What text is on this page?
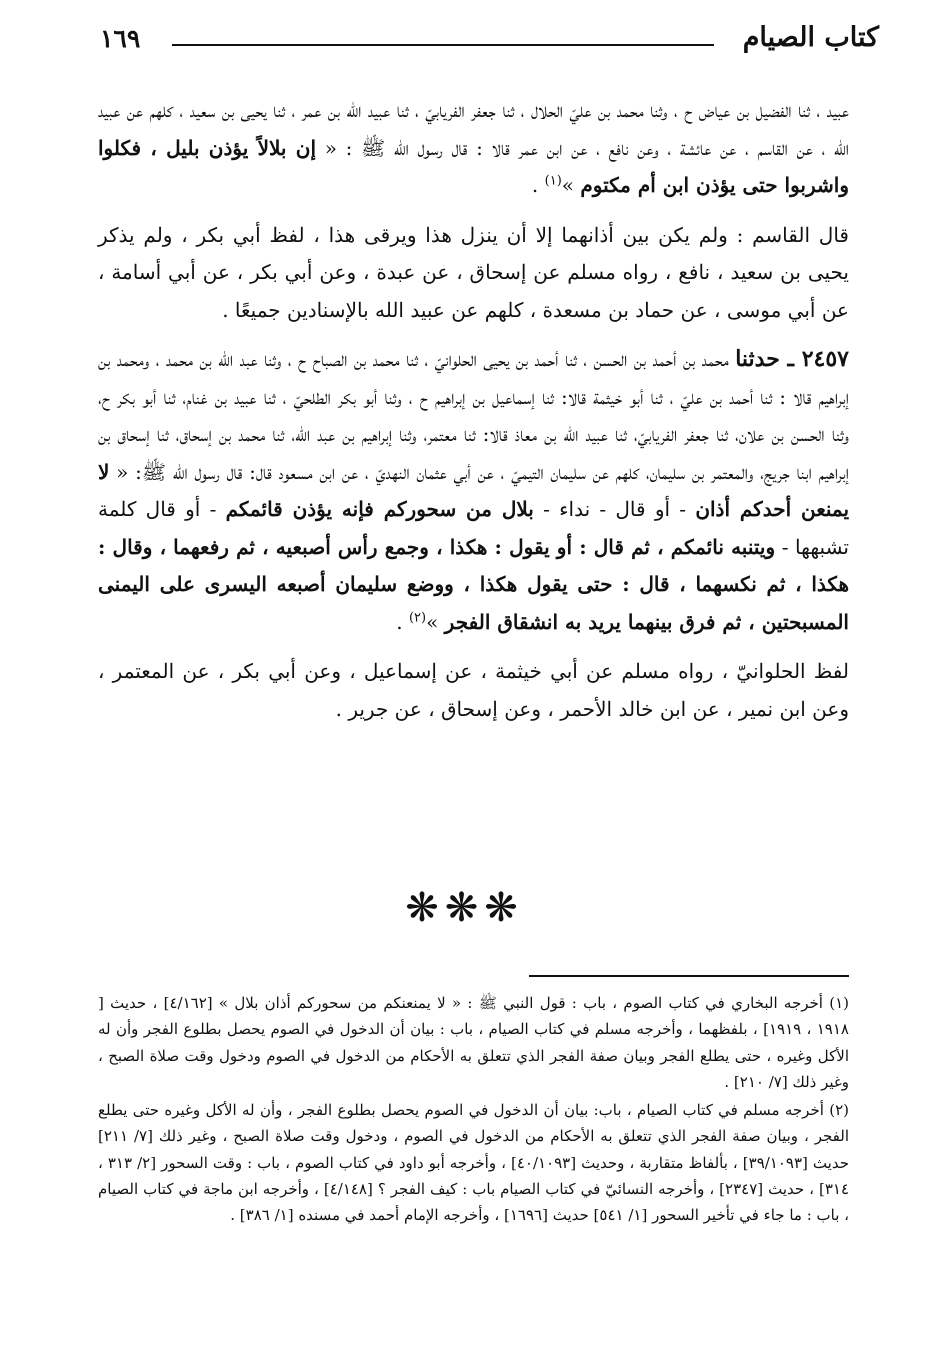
كتاب الصيام
١٦٩

عبيد ، ثنا الفضيل بن عياض ح ، وثنا محمد بن عليّ الحلال ، ثنا جعفر الفريابيّ ، ثنا عبيد الله بن عمر ، ثنا يحيى بن سعيد ، كلهم عن عبيد الله ، عن القاسم ، عن عائشة ، وعن نافع ، عن ابن عمر قالا : قال رسول الله ﷺ : « إن بلالاً يؤذن بليل ، فكلوا واشربوا حتى يؤذن ابن أم مكتوم »$^{(١)}$ .

قال القاسم : ولم يكن بين أذانهما إلا أن ينزل هذا ويرقى هذا ، لفظ أبي بكر ، ولم يذكر يحيى بن سعيد ، نافع ، رواه مسلم عن إسحاق ، عن عبدة ، وعن أبي بكر ، عن أبي أسامة ، عن أبي موسى ، عن حماد بن مسعدة ، كلهم عن عبيد الله بالإسنادين جميعًا .

٢٤٥٧ ـ حدثنا محمد بن أحمد بن الحسن ، ثنا أحمد بن يحيى الحلوانيّ ، ثنا محمد بن الصباح ح ، وثنا عبد الله بن محمد ، ومحمد بن إبراهيم قالا : ثنا أحمد بن عليّ ، ثنا أبو خيثمة قالا: ثنا إسماعيل بن إبراهيم ح ، وثنا أبو بكر الطلحيّ ، ثنا عبيد بن غنام، ثنا أبو بكر ح، وثنا الحسن بن علان، ثنا جعفر الفريابيّ، ثنا عبيد الله بن معاذ قالا: ثنا معتمر، وثنا إبراهيم بن عبد الله، ثنا محمد بن إسحاق، ثنا إسحاق بن إبراهيم ابنا جريج، والمعتمر بن سليمان، كلهم عن سليمان التيميّ ، عن أبي عثمان النهديّ ، عن ابن مسعود قال: قال رسول الله ﷺ: « لا يمنعن أحدكم أذان - أو قال - نداء - بلال من سحوركم فإنه يؤذن قائمكم - أو قال كلمة تشبهها - ويتنبه نائمكم ، ثم قال : أو يقول : هكذا ، وجمع رأس أصبعيه ، ثم رفعهما ، وقال : هكذا ، ثم نكسهما ، قال : حتى يقول هكذا ، ووضع سليمان أصبعه اليسرى على اليمنى المسبحتين ، ثم فرق بينهما يريد به انشقاق الفجر »$^{(٢)}$ .

لفظ الحلوانيّ ، رواه مسلم عن أبي خيثمة ، عن إسماعيل ، وعن أبي بكر ، عن المعتمر ، وعن ابن نمير ، عن ابن خالد الأحمر ، وعن إسحاق ، عن جرير .

❋❋❋

(١) أخرجه البخاري في كتاب الصوم ، باب : قول النبي ﷺ : « لا يمنعنكم من سحوركم أذان بلال » [٤/١٦٢] ، حديث [ ١٩١٨ ، ١٩١٩] ، بلفظهما ، وأخرجه مسلم في كتاب الصيام ، باب : بيان أن الدخول في الصوم يحصل بطلوع الفجر وأن له الأكل وغيره ، حتى يطلع الفجر وبيان صفة الفجر الذي تتعلق به الأحكام من الدخول في الصوم ودخول وقت صلاة الصبح ، وغير ذلك [٧/ ٢١٠] .

(٢) أخرجه مسلم في كتاب الصيام ، باب: بيان أن الدخول في الصوم يحصل بطلوع الفجر ، وأن له الأكل وغيره حتى يطلع الفجر ، وبيان صفة الفجر الذي تتعلق به الأحكام من الدخول في الصوم ، ودخول وقت صلاة الصبح ، وغير ذلك [٧/ ٢١١] حديث [٣٩/١٠٩٣] ، بألفاظ متقاربة ، وحديث [٤٠/١٠٩٣] ، وأخرجه أبو داود في كتاب الصوم ، باب : وقت السحور [٢/ ٣١٣ ، ٣١٤] ، حديث [٢٣٤٧] ، وأخرجه النسائيّ في كتاب الصيام باب : كيف الفجر ؟ [٤/١٤٨] ، وأخرجه ابن ماجة في كتاب الصيام ، باب : ما جاء في تأخير السحور [١/ ٥٤١] حديث [١٦٩٦] ، وأخرجه الإمام أحمد في مسنده [١/ ٣٨٦] .
